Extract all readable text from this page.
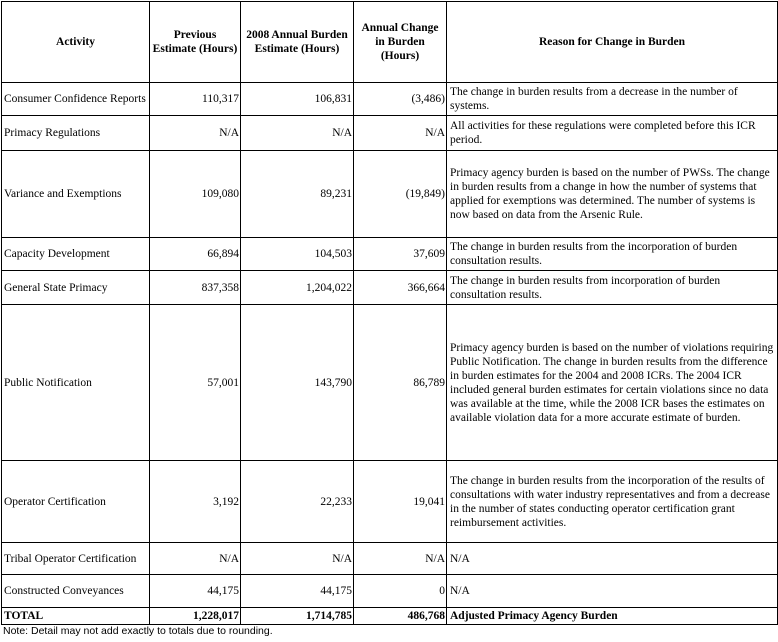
Activity	Previous Estimate (Hours)	2008 Annual Burden Estimate (Hours)	Annual Change in Burden (Hours)	Reason for Change in Burden
Consumer Confidence Reports	110,317	106,831	(3,486)	The change in burden results from a decrease in the number of systems.
Primacy Regulations	N/A	N/A	N/A	All activities for these regulations were completed before this ICR period.
Variance and Exemptions	109,080	89,231	(19,849)	Primacy agency burden is based on the number of PWSs. The change in burden results from a change in how the number of systems that applied for exemptions was determined. The number of systems is now based on data from the Arsenic Rule.
Capacity Development	66,894	104,503	37,609	The change in burden results from the incorporation of burden consultation results.
General State Primacy	837,358	1,204,022	366,664	The change in burden results from incorporation of burden consultation results.
Public Notification	57,001	143,790	86,789	Primacy agency burden is based on the number of violations requiring Public Notification. The change in burden results from the difference in burden estimates for the 2004 and 2008 ICRs. The 2004 ICR included general burden estimates for certain violations since no data was available at the time, while the 2008 ICR bases the estimates on available violation data for a more accurate estimate of burden.
Operator Certification	3,192	22,233	19,041	The change in burden results from the incorporation of the results of consultations with water industry representatives and from a decrease in the number of states conducting operator certification grant reimbursement activities.
Tribal Operator Certification	N/A	N/A	N/A	N/A
Constructed Conveyances	44,175	44,175	0	N/A
TOTAL	1,228,017	1,714,785	486,768	Adjusted Primacy Agency Burden
Note: Detail may not add exactly to totals due to rounding.
